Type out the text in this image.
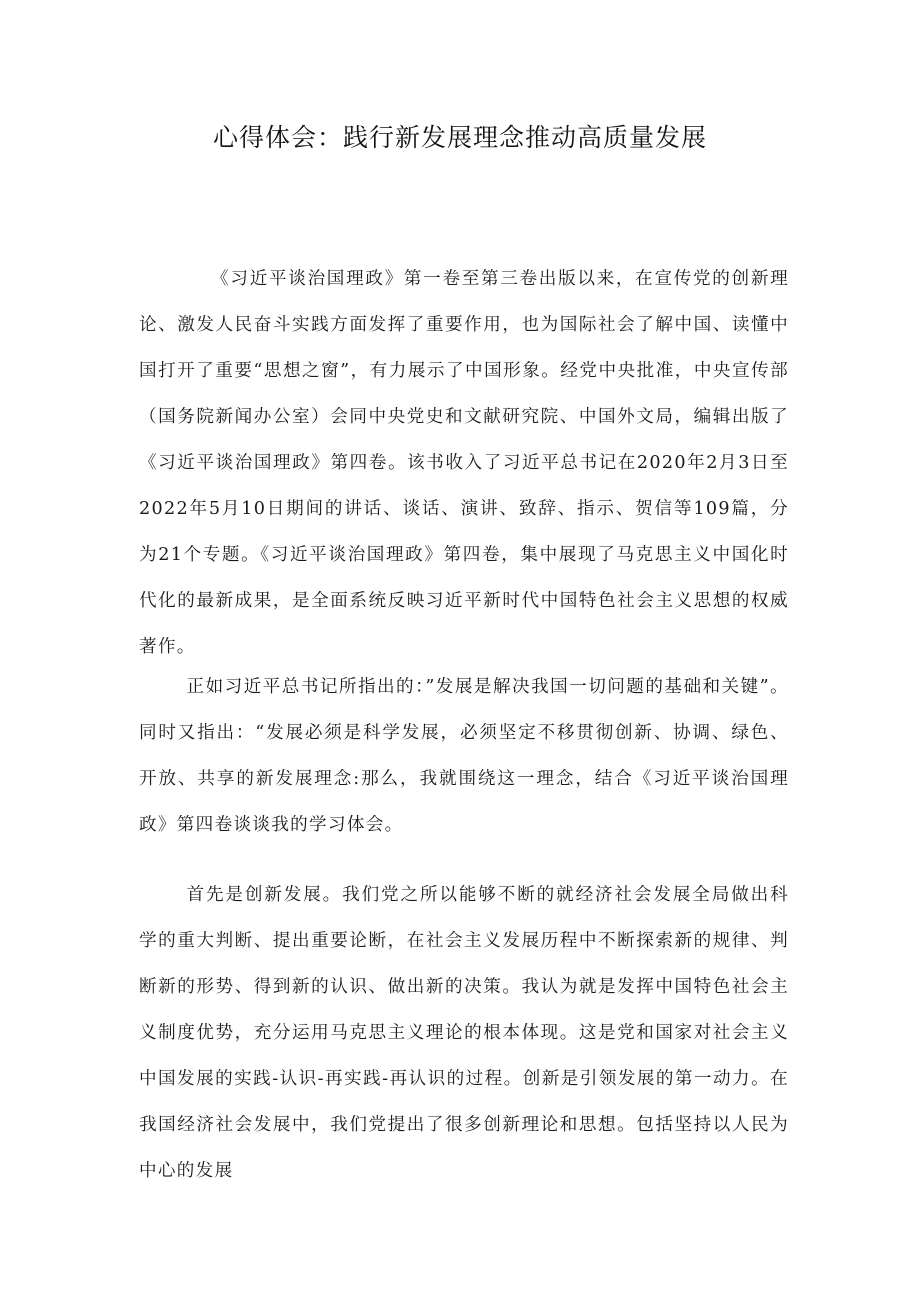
心得体会：践行新发展理念推动高质量发展

《习近平谈治国理政》第一卷至第三卷出版以来，在宣传党的创新理论、激发人民奋斗实践方面发挥了重要作用，也为国际社会了解中国、读懂中国打开了重要“思想之窗”，有力展示了中国形象。经党中央批准，中央宣传部（国务院新闻办公室）会同中央党史和文献研究院、中国外文局，编辑出版了《习近平谈治国理政》第四卷。该书收入了习近平总书记在2020年2月3日至2022年5月10日期间的讲话、谈话、演讲、致辞、指示、贺信等109篇，分为21个专题。《习近平谈治国理政》第四卷，集中展现了马克思主义中国化时代化的最新成果，是全面系统反映习近平新时代中国特色社会主义思想的权威著作。

正如习近平总书记所指出的：”发展是解决我国一切问题的基础和关键”。同时又指出：“发展必须是科学发展，必须坚定不移贯彻创新、协调、绿色、开放、共享的新发展理念:那么，我就围绕这一理念，结合《习近平谈治国理政》第四卷谈谈我的学习体会。

首先是创新发展。我们党之所以能够不断的就经济社会发展全局做出科学的重大判断、提出重要论断，在社会主义发展历程中不断探索新的规律、判断新的形势、得到新的认识、做出新的决策。我认为就是发挥中国特色社会主义制度优势，充分运用马克思主义理论的根本体现。这是党和国家对社会主义中国发展的实践-认识-再实践-再认识的过程。创新是引领发展的第一动力。在我国经济社会发展中，我们党提出了很多创新理论和思想。包括坚持以人民为中心的发展
